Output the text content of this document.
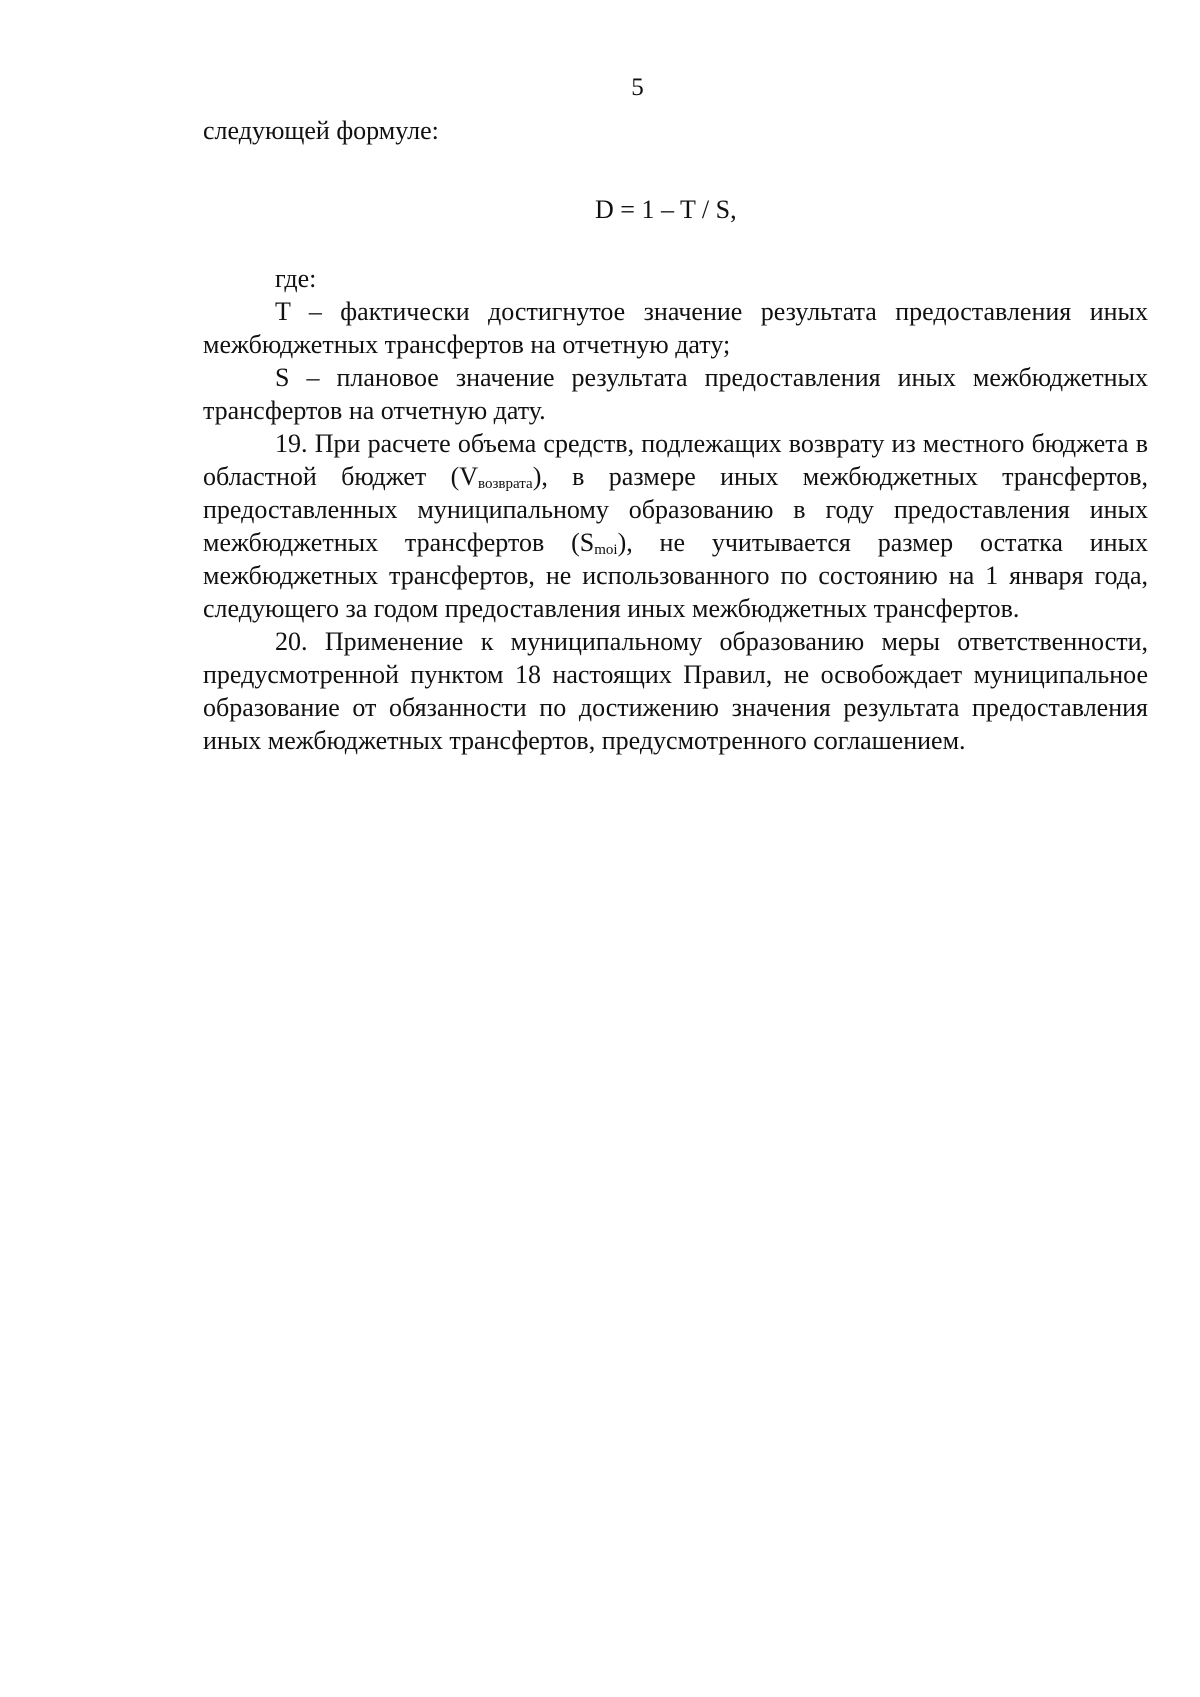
5

следующей формуле:

D = 1 – T / S,

где:

T – фактически достигнутое значение результата предоставления иных межбюджетных трансфертов на отчетную дату;

S – плановое значение результата предоставления иных межбюджетных трансфертов на отчетную дату.

19. При расчете объема средств, подлежащих возврату из местного бюджета в областной бюджет $(V_{возврата})$, в размере иных межбюджетных трансфертов, предоставленных муниципальному образованию в году предоставления иных межбюджетных трансфертов $(S_{moi})$, не учитывается размер остатка иных межбюджетных трансфертов, не использованного по состоянию на 1 января года, следующего за годом предоставления иных межбюджетных трансфертов.

20. Применение к муниципальному образованию меры ответственности, предусмотренной пунктом 18 настоящих Правил, не освобождает муниципальное образование от обязанности по достижению значения результата предоставления иных межбюджетных трансфертов, предусмотренного соглашением.
